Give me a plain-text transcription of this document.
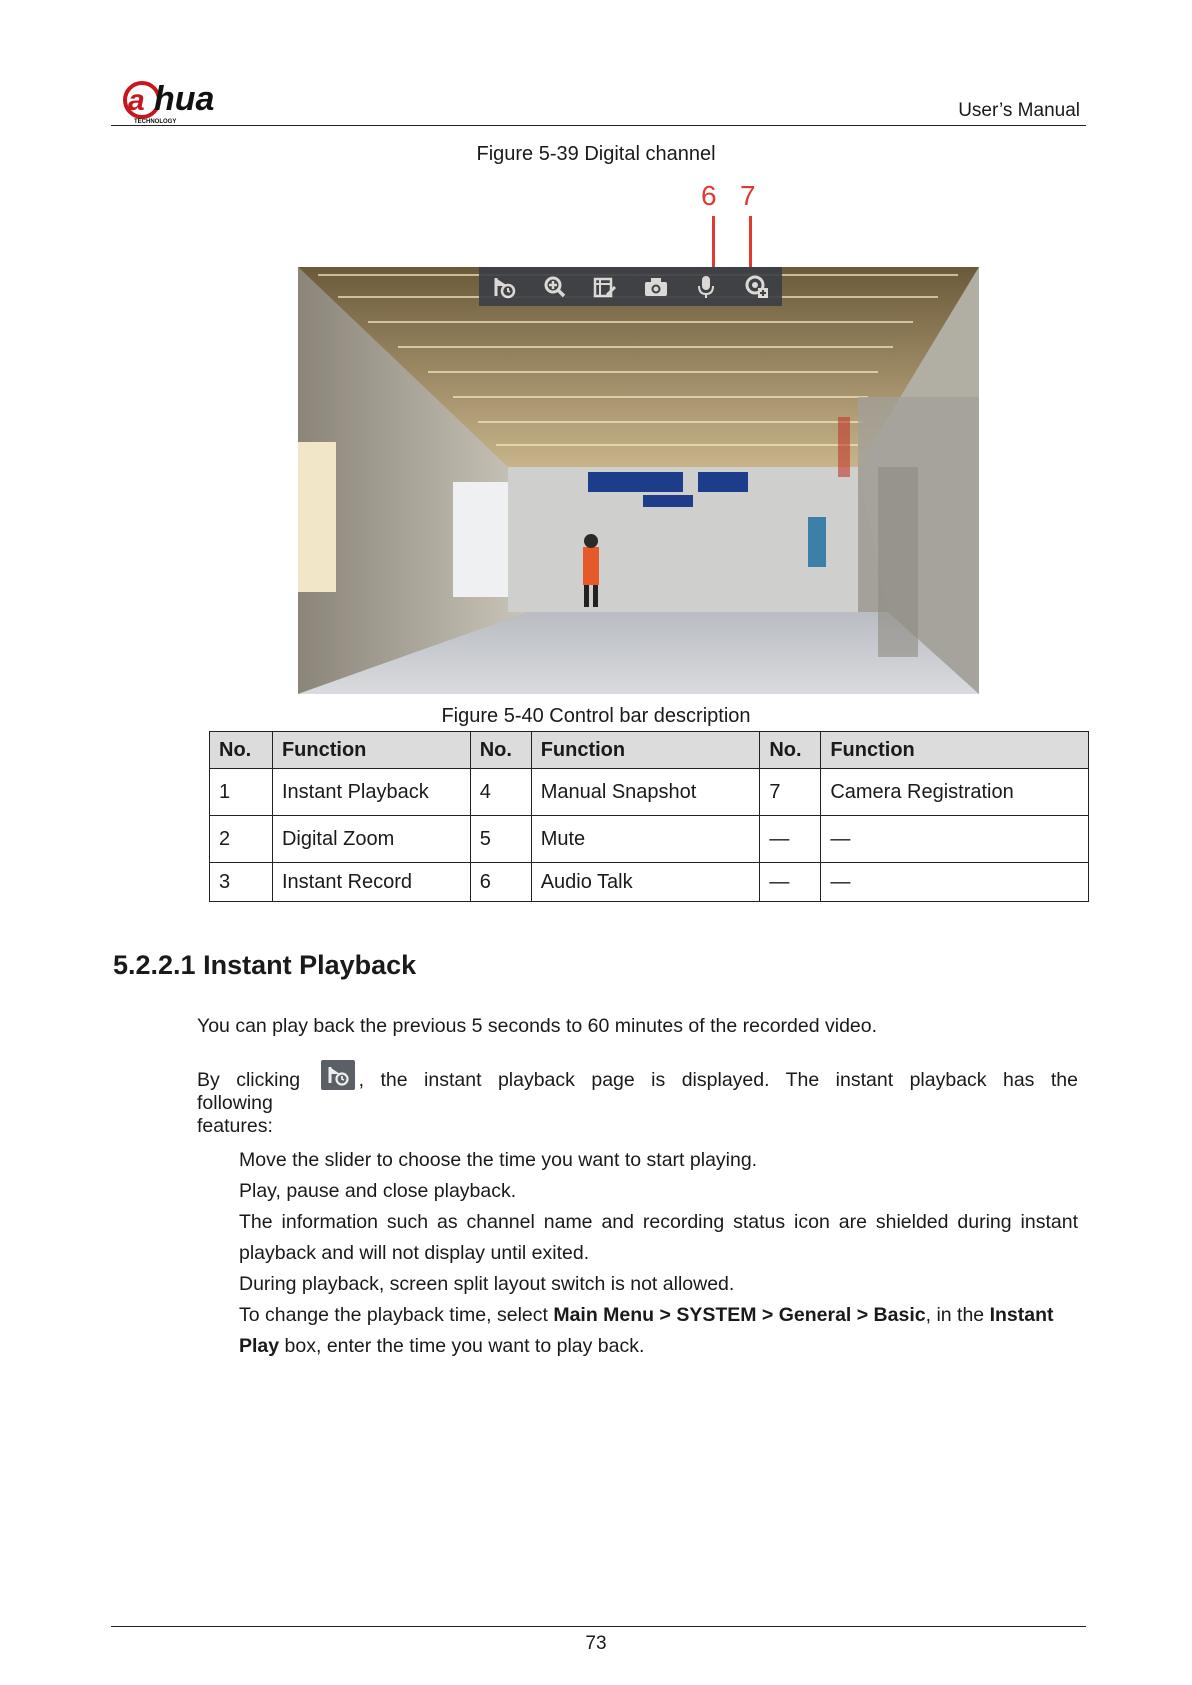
a hua
TECHNOLOGY
User’s Manual
Figure 5-39 Digital channel
6 7
Figure 5-40 Control bar description
No.	Function	No.	Function	No.	Function
1	Instant Playback	4	Manual Snapshot	7	Camera Registration
2	Digital Zoom	5	Mute	—	—
3	Instant Record	6	Audio Talk	—	—
5.2.2.1 Instant Playback
You can play back the previous 5 seconds to 60 minutes of the recorded video.
By clicking	, the instant playback page is displayed. The instant playback has the following
features:
Move the slider to choose the time you want to start playing.
Play, pause and close playback.
The information such as channel name and recording status icon are shielded during instant playback and will not display until exited.
During playback, screen split layout switch is not allowed.
To change the playback time, select Main Menu > SYSTEM > General > Basic, in the Instant Play box, enter the time you want to play back.
73
